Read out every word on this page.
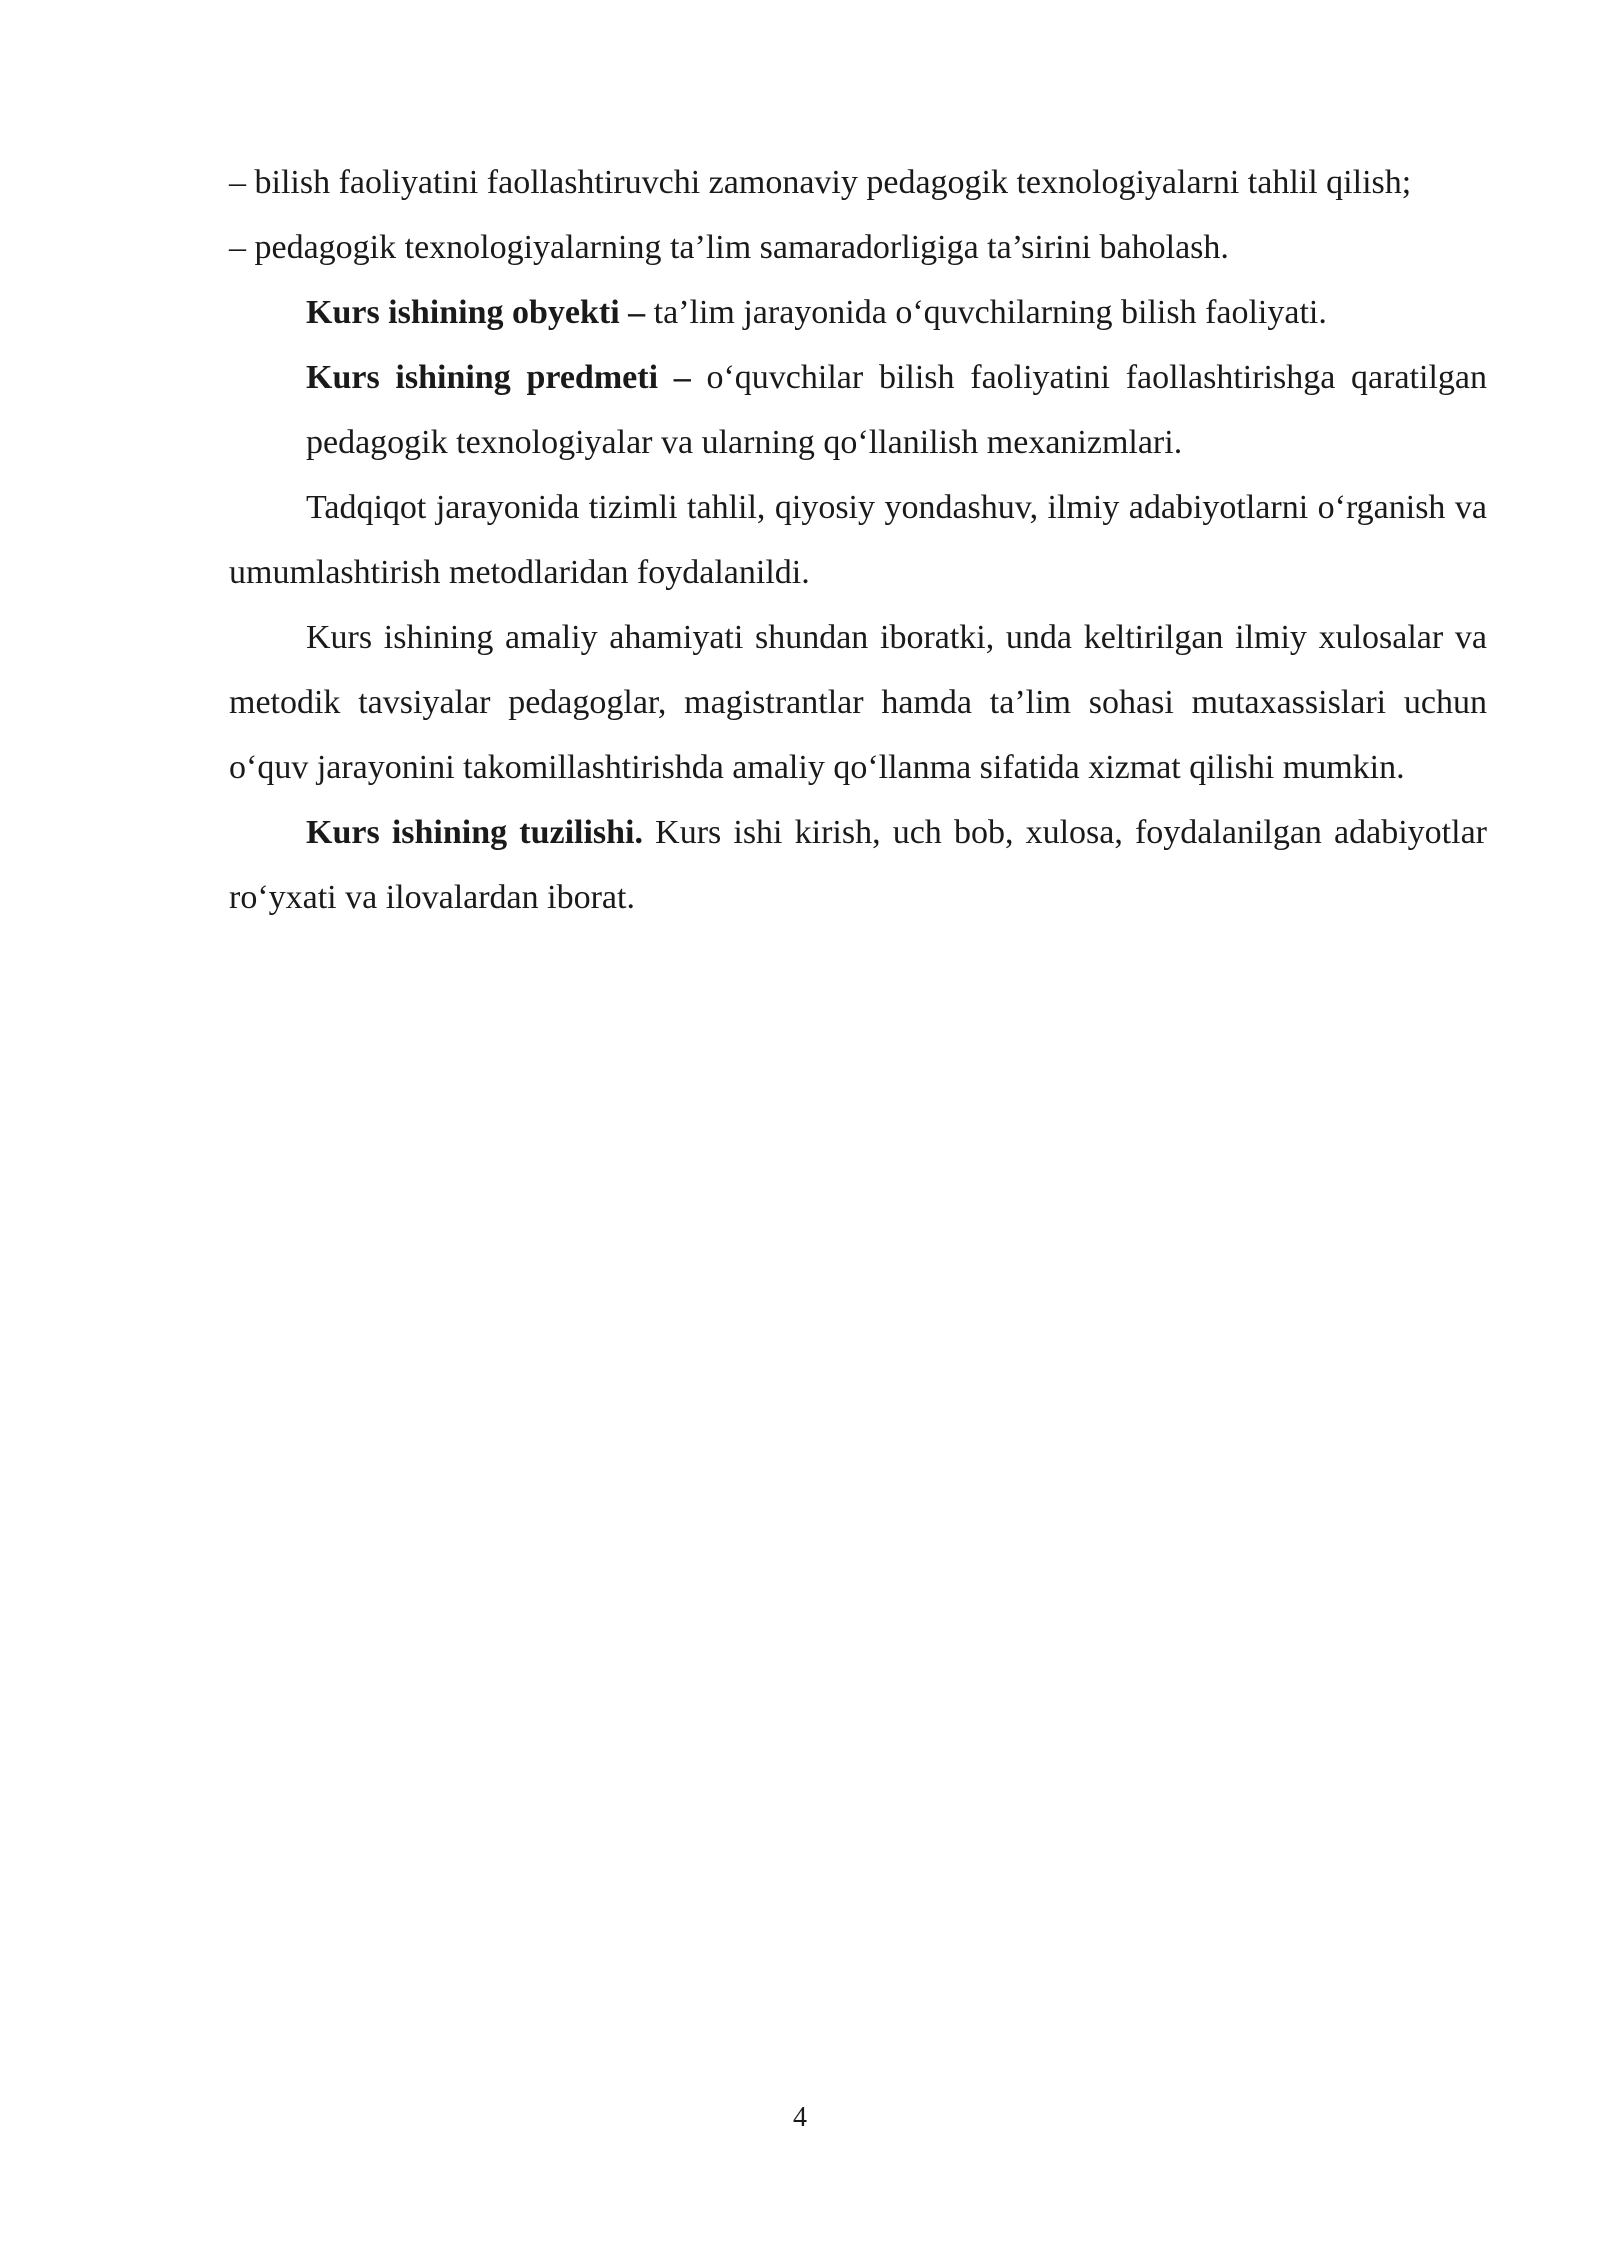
– bilish faoliyatini faollashtiruvchi zamonaviy pedagogik texnologiyalarni tahlil qilish;

– pedagogik texnologiyalarning ta’lim samaradorligiga ta’sirini baholash.

Kurs ishining obyekti – ta’lim jarayonida o‘quvchilarning bilish faoliyati.

Kurs ishining predmeti – o‘quvchilar bilish faoliyatini faollashtirishga qaratilgan pedagogik texnologiyalar va ularning qo‘llanilish mexanizmlari.

Tadqiqot jarayonida tizimli tahlil, qiyosiy yondashuv, ilmiy adabiyotlarni o‘rganish va umumlashtirish metodlaridan foydalanildi.

Kurs ishining amaliy ahamiyati shundan iboratki, unda keltirilgan ilmiy xulosalar va metodik tavsiyalar pedagoglar, magistrantlar hamda ta’lim sohasi mutaxassislari uchun o‘quv jarayonini takomillashtirishda amaliy qo‘llanma sifatida xizmat qilishi mumkin.

Kurs ishining tuzilishi. Kurs ishi kirish, uch bob, xulosa, foydalanilgan adabiyotlar ro‘yxati va ilovalardan iborat.

4
